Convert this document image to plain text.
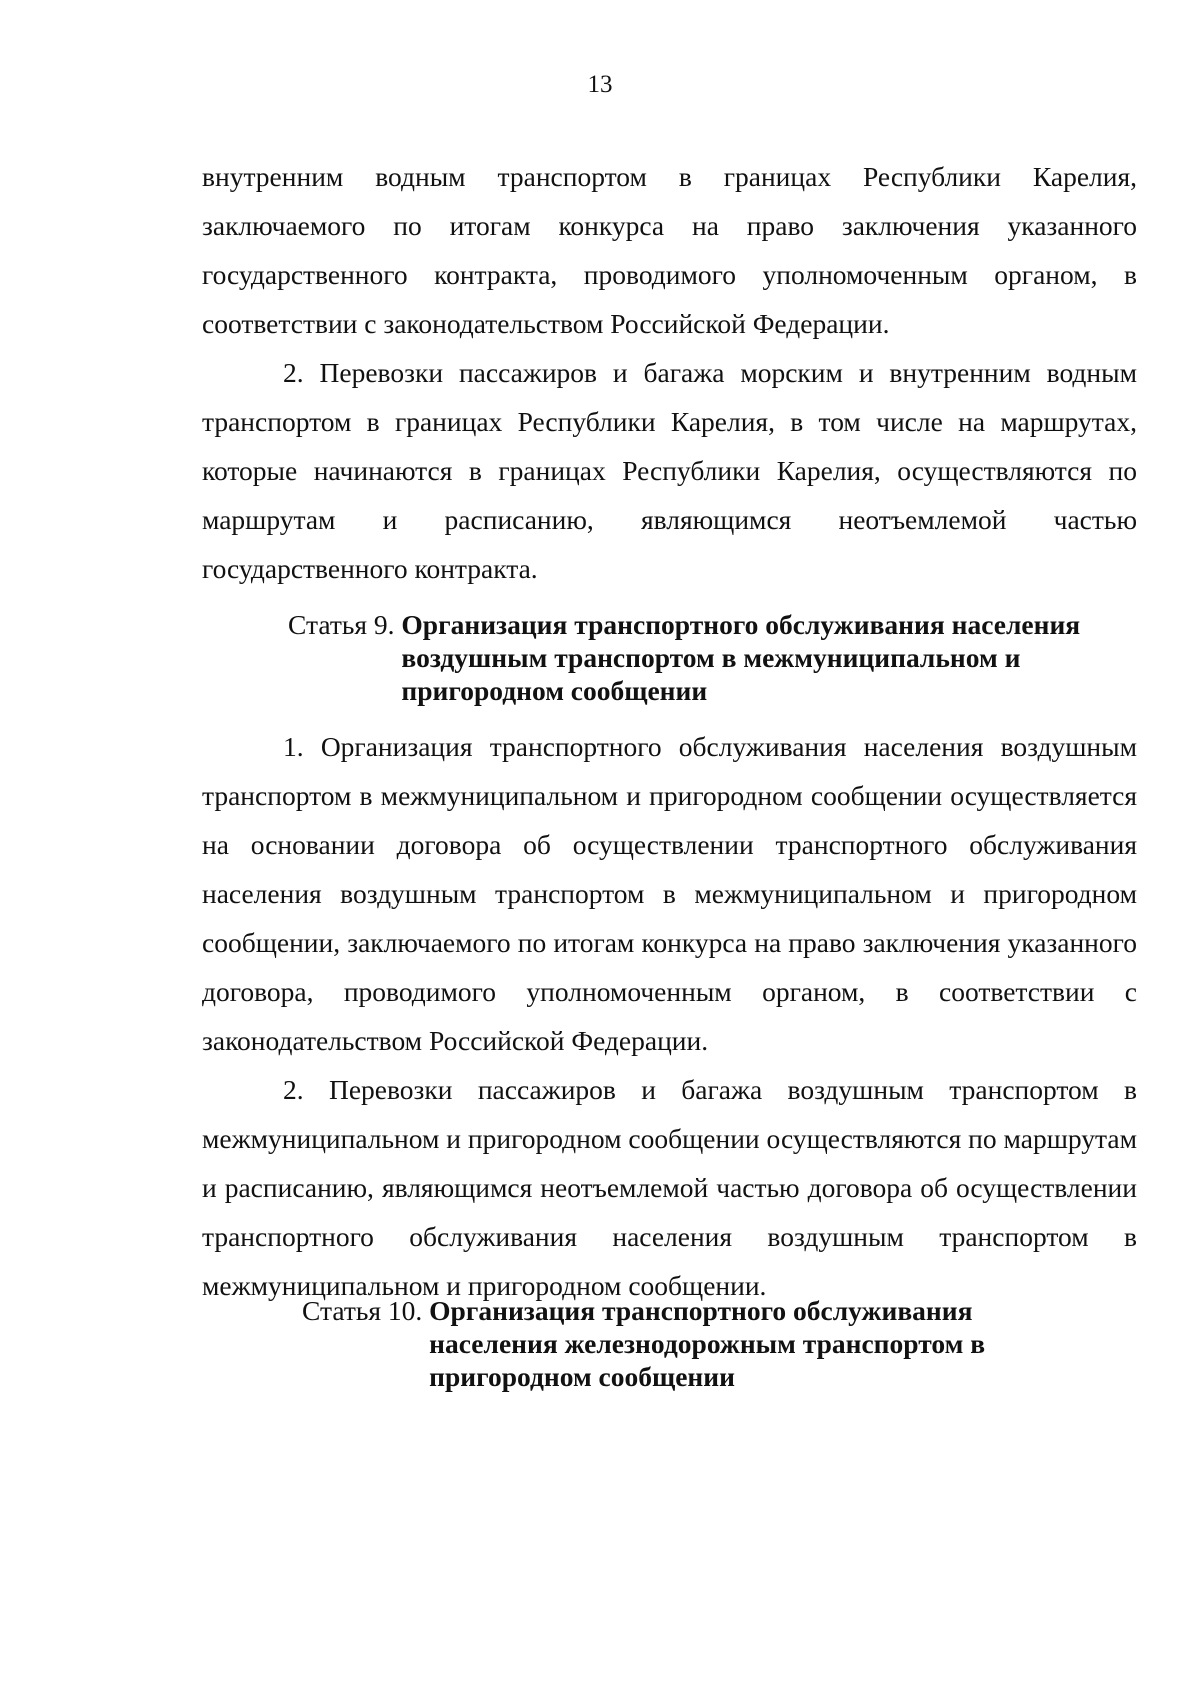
13

внутренним водным транспортом в границах Республики Карелия, заключаемого по итогам конкурса на право заключения указанного государственного контракта, проводимого уполномоченным органом, в соответствии с законодательством Российской Федерации.

2. Перевозки пассажиров и багажа морским и внутренним водным транспортом в границах Республики Карелия, в том числе на маршрутах, которые начинаются в границах Республики Карелия, осуществляются по маршрутам и расписанию, являющимся неотъемлемой частью государственного контракта.

Статья 9. Организация транспортного обслуживания населения
воздушным транспортом в межмуниципальном и
пригородном сообщении

1. Организация транспортного обслуживания населения воздушным транспортом в межмуниципальном и пригородном сообщении осуществляется на основании договора об осуществлении транспортного обслуживания населения воздушным транспортом в межмуниципальном и пригородном сообщении, заключаемого по итогам конкурса на право заключения указанного договора, проводимого уполномоченным органом, в соответствии с законодательством Российской Федерации.

2. Перевозки пассажиров и багажа воздушным транспортом в межмуниципальном и пригородном сообщении осуществляются по маршрутам и расписанию, являющимся неотъемлемой частью договора об осуществлении транспортного обслуживания населения воздушным транспортом в межмуниципальном и пригородном сообщении.

Статья 10. Организация транспортного обслуживания
населения железнодорожным транспортом в
пригородном сообщении
